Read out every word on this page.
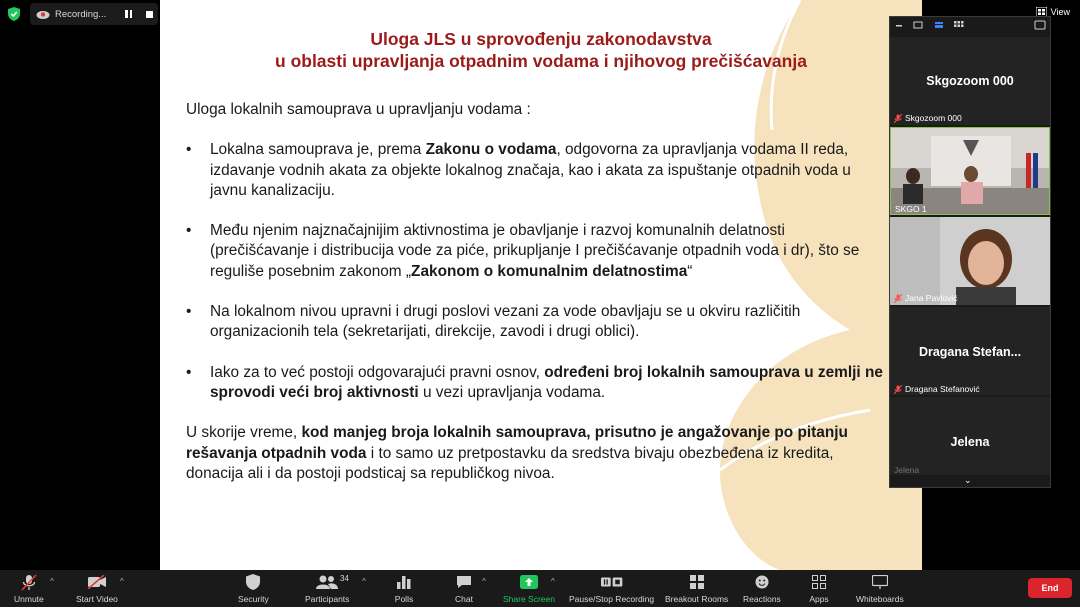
Recording...	View
Uloga JLS u sprovođenju zakonodavstva
u oblasti upravljanja otpadnim vodama i njihovog prečišćavanja

Uloga lokalnih samouprava u upravljanju vodama :

• Lokalna samouprava je, prema Zakonu o vodama, odgovorna za upravljanja vodama II reda, izdavanje vodnih akata za objekte lokalnog značaja, kao i akata za ispuštanje otpadnih voda u javnu kanalizaciju.
• Među njenim najznačajnijim aktivnostima je obavljanje i razvoj komunalnih delatnosti (prečišćavanje i distribucija vode za piće, prikupljanje I prečišćavanje otpadnih voda i dr), što se reguliše posebnim zakonom „Zakonom o komunalnim delatnostima“
• Na lokalnom nivou upravni i drugi poslovi vezani za vode obavljaju se u okviru različitih organizacionih tela (sekretarijati, direkcije, zavodi i drugi oblici).
• Iako za to već postoji odgovarajući pravni osnov, određeni broj lokalnih samouprava u zemlji ne sprovodi veći broj aktivnosti u vezi upravljanja vodama.

U skorije vreme, kod manjeg broja lokalnih samouprava, prisutno je angažovanje po pitanju rešavanja otpadnih voda i to samo uz pretpostavku da sredstva bivaju obezbeđena iz kredita, donacija ali i da postoji podsticaj sa republičkog nivoa.

Skgozoom 000
Skgozoom 000
SKGO 1
Jana Pavlović
Dragana Stefan...
Dragana Stefanović
Jelena
Jelena
⌄
Unmute
^
Start Video
^
Security	Participants
34 ^
Polls	Chat
^
Share Screen
^
Pause/Stop Recording Breakout Rooms Reactions	Apps	Whiteboards
End
